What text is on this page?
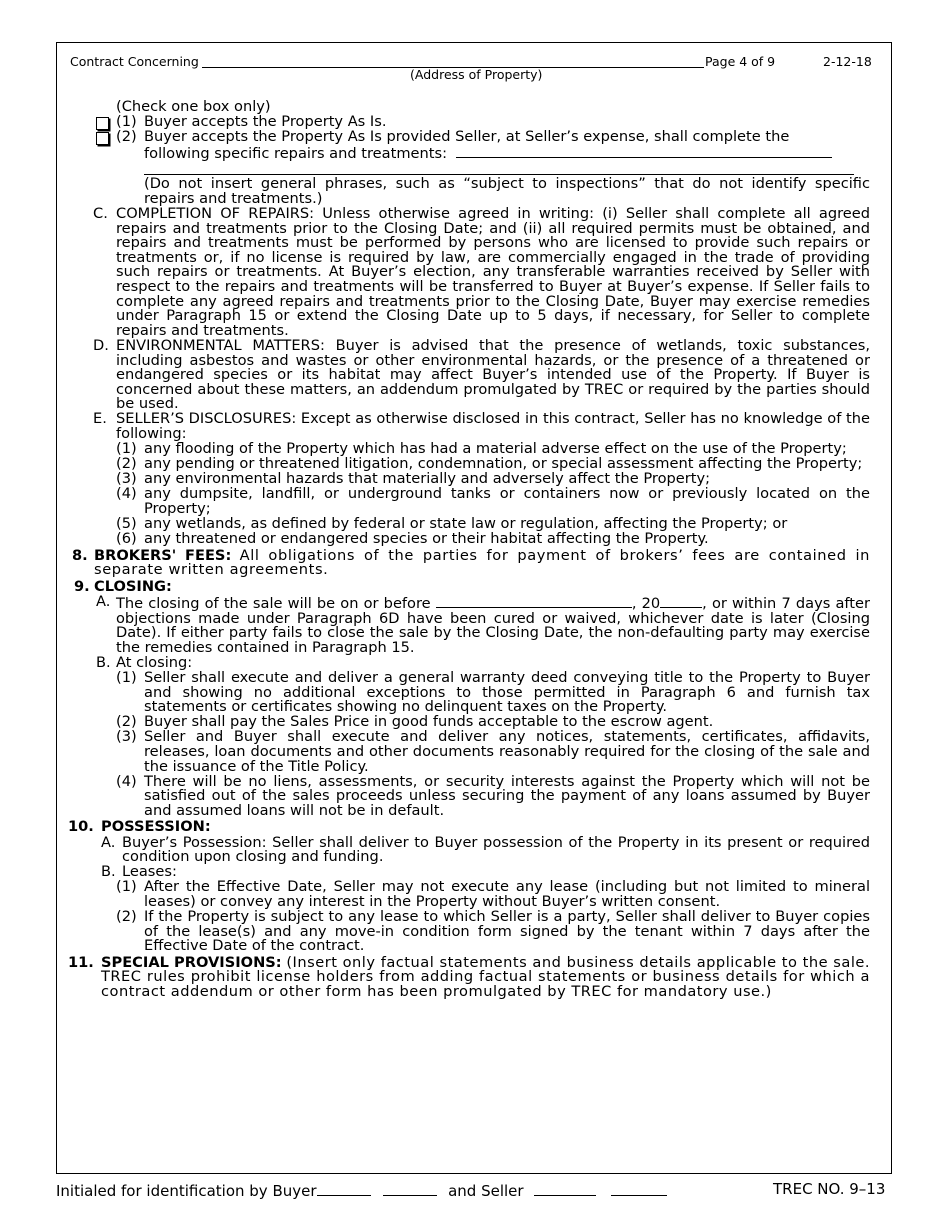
Contract Concerning
(Address of Property)
Page 4 of 9	2-12-18
(Check one box only)
(1) Buyer accepts the Property As Is.
(2) Buyer accepts the Property As Is provided Seller, at Seller’s expense, shall complete the following specific repairs and treatments:
(Do not insert general phrases, such as “subject to inspections” that do not identify specific repairs and treatments.)
C. COMPLETION OF REPAIRS: Unless otherwise agreed in writing: (i) Seller shall complete all agreed repairs and treatments prior to the Closing Date; and (ii) all required permits must be obtained, and repairs and treatments must be performed by persons who are licensed to provide such repairs or treatments or, if no license is required by law, are commercially engaged in the trade of providing such repairs or treatments. At Buyer’s election, any transferable warranties received by Seller with respect to the repairs and treatments will be transferred to Buyer at Buyer’s expense. If Seller fails to complete any agreed repairs and treatments prior to the Closing Date, Buyer may exercise remedies under Paragraph 15 or extend the Closing Date up to 5 days, if necessary, for Seller to complete repairs and treatments.
D. ENVIRONMENTAL MATTERS: Buyer is advised that the presence of wetlands, toxic substances, including asbestos and wastes or other environmental hazards, or the presence of a threatened or endangered species or its habitat may affect Buyer’s intended use of the Property. If Buyer is concerned about these matters, an addendum promulgated by TREC or required by the parties should be used.
E. SELLER’S DISCLOSURES: Except as otherwise disclosed in this contract, Seller has no knowledge of the following:
(1) any flooding of the Property which has had a material adverse effect on the use of the Property;
(2) any pending or threatened litigation, condemnation, or special assessment affecting the Property;
(3) any environmental hazards that materially and adversely affect the Property;
(4) any dumpsite, landfill, or underground tanks or containers now or previously located on the Property;
(5) any wetlands, as defined by federal or state law or regulation, affecting the Property; or
(6) any threatened or endangered species or their habitat affecting the Property.
8. BROKERS' FEES: All obligations of the parties for payment of brokers’ fees are contained in separate written agreements.
9. CLOSING:
A. The closing of the sale will be on or before	, 20	, or within 7 days after objections made under Paragraph 6D have been cured or waived, whichever date is later (Closing Date). If either party fails to close the sale by the Closing Date, the non-defaulting party may exercise the remedies contained in Paragraph 15.
B. At closing:
(1) Seller shall execute and deliver a general warranty deed conveying title to the Property to Buyer and showing no additional exceptions to those permitted in Paragraph 6 and furnish tax statements or certificates showing no delinquent taxes on the Property.
(2) Buyer shall pay the Sales Price in good funds acceptable to the escrow agent.
(3) Seller and Buyer shall execute and deliver any notices, statements, certificates, affidavits, releases, loan documents and other documents reasonably required for the closing of the sale and the issuance of the Title Policy.
(4) There will be no liens, assessments, or security interests against the Property which will not be satisfied out of the sales proceeds unless securing the payment of any loans assumed by Buyer and assumed loans will not be in default.
10. POSSESSION:
A. Buyer’s Possession: Seller shall deliver to Buyer possession of the Property in its present or required condition upon closing and funding.
B. Leases:
(1) After the Effective Date, Seller may not execute any lease (including but not limited to mineral leases) or convey any interest in the Property without Buyer’s written consent.
(2) If the Property is subject to any lease to which Seller is a party, Seller shall deliver to Buyer copies of the lease(s) and any move-in condition form signed by the tenant within 7 days after the Effective Date of the contract.
11. SPECIAL PROVISIONS: (Insert only factual statements and business details applicable to the sale. TREC rules prohibit license holders from adding factual statements or business details for which a contract addendum or other form has been promulgated by TREC for mandatory use.)
Initialed for identification by Buyer	and Seller	TREC NO. 9–13
